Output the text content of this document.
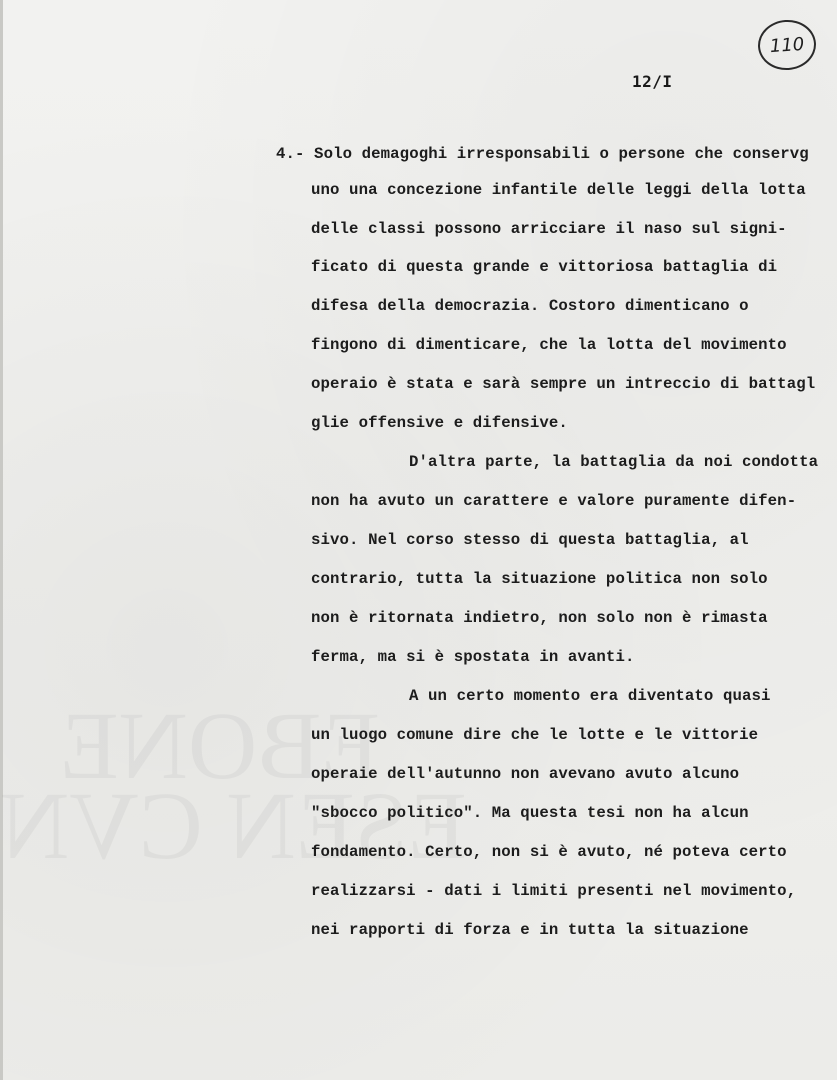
110
12/I
4.- Solo demagoghi irresponsabili o persone che conservg
uno una concezione infantile delle leggi della lotta
delle classi possono arricciare il naso sul signi-
ficato di questa grande e vittoriosa battaglia di
difesa della democrazia. Costoro dimenticano o
fingono di dimenticare, che la lotta del movimento
operaio è stata e sarà sempre un intreccio di battagl
glie offensive e difensive.
D'altra parte, la battaglia da noi condotta
non ha avuto un carattere e valore puramente difen-
sivo. Nel corso stesso di questa battaglia, al
contrario, tutta la situazione politica non solo
non è ritornata indietro, non solo non è rimasta
ferma, ma si è spostata in avanti.
A un certo momento era diventato quasi
un luogo comune dire che le lotte e le vittorie
operaie dell'autunno non avevano avuto alcuno
"sbocco politico". Ma questa tesi non ha alcun
fondamento. Certo, non si è avuto, né poteva certo
realizzarsi - dati i limiti presenti nel movimento,
nei rapporti di forza e in tutta la situazione
